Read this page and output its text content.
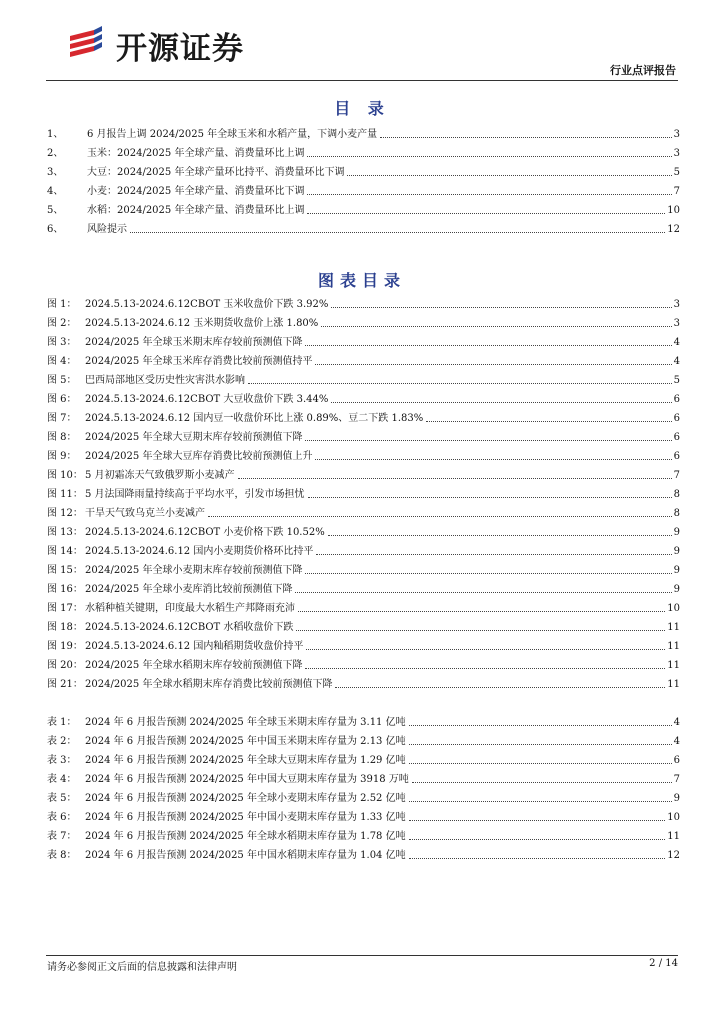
开源证券
行业点评报告
目 录
1、	6 月报告上调 2024/2025 年全球玉米和水稻产量，下调小麦产量	3
2、	玉米：2024/2025 年全球产量、消费量环比上调	3
3、	大豆：2024/2025 年全球产量环比持平、消费量环比下调	5
4、	小麦：2024/2025 年全球产量、消费量环比下调	7
5、	水稻：2024/2025 年全球产量、消费量环比上调	10
6、	风险提示	12
图表目录
图 1： 2024.5.13-2024.6.12CBOT 玉米收盘价下跌 3.92%	3
图 2： 2024.5.13-2024.6.12 玉米期货收盘价上涨 1.80%	3
图 3： 2024/2025 年全球玉米期末库存较前预测值下降	4
图 4： 2024/2025 年全球玉米库存消费比较前预测值持平	4
图 5： 巴西局部地区受历史性灾害洪水影响	5
图 6： 2024.5.13-2024.6.12CBOT 大豆收盘价下跌 3.44%	6
图 7： 2024.5.13-2024.6.12 国内豆一收盘价环比上涨 0.89%、豆二下跌 1.83%	6
图 8： 2024/2025 年全球大豆期末库存较前预测值下降	6
图 9： 2024/2025 年全球大豆库存消费比较前预测值上升	6
图 10： 5 月初霜冻天气致俄罗斯小麦减产	7
图 11： 5 月法国降雨量持续高于平均水平，引发市场担忧	8
图 12： 干旱天气致乌克兰小麦减产	8
图 13： 2024.5.13-2024.6.12CBOT 小麦价格下跌 10.52%	9
图 14： 2024.5.13-2024.6.12 国内小麦期货价格环比持平	9
图 15： 2024/2025 年全球小麦期末库存较前预测值下降	9
图 16： 2024/2025 年全球小麦库消比较前预测值下降	9
图 17： 水稻种植关键期，印度最大水稻生产邦降雨充沛	10
图 18： 2024.5.13-2024.6.12CBOT 水稻收盘价下跌	11
图 19： 2024.5.13-2024.6.12 国内籼稻期货收盘价持平	11
图 20： 2024/2025 年全球水稻期末库存较前预测值下降	11
图 21： 2024/2025 年全球水稻期末库存消费比较前预测值下降	11
表 1： 2024 年 6 月报告预测 2024/2025 年全球玉米期末库存量为 3.11 亿吨	4
表 2： 2024 年 6 月报告预测 2024/2025 年中国玉米期末库存量为 2.13 亿吨	4
表 3： 2024 年 6 月报告预测 2024/2025 年全球大豆期末库存量为 1.29 亿吨	6
表 4： 2024 年 6 月报告预测 2024/2025 年中国大豆期末库存量为 3918 万吨	7
表 5： 2024 年 6 月报告预测 2024/2025 年全球小麦期末库存量为 2.52 亿吨	9
表 6： 2024 年 6 月报告预测 2024/2025 年中国小麦期末库存量为 1.33 亿吨	10
表 7： 2024 年 6 月报告预测 2024/2025 年全球水稻期末库存量为 1.78 亿吨	11
表 8： 2024 年 6 月报告预测 2024/2025 年中国水稻期末库存量为 1.04 亿吨	12
请务必参阅正文后面的信息披露和法律声明	2 / 14
